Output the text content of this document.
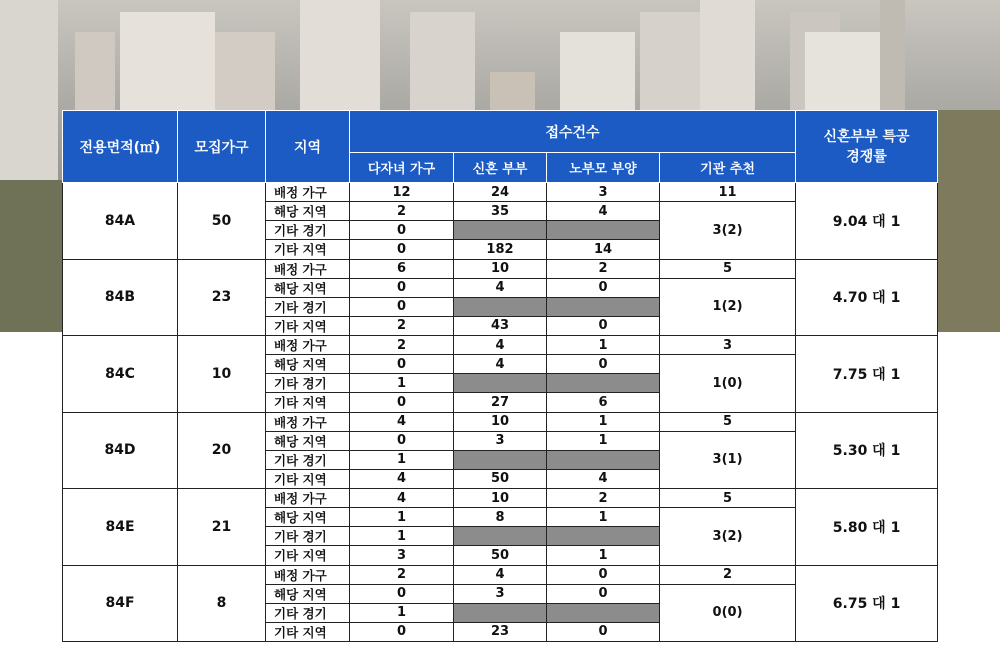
전용면적(㎡)	모집가구	지역	접수건수				신혼부부 특공
경쟁률
			다자녀 가구	신혼 부부	노부모 부양	기관 추천	
84A	50	배정 가구	12	24	3	11	9.04 대 1
		해당 지역	2	35	4	3(2)	
		기타 경기	0				
		기타 지역	0	182	14		
84B	23	배정 가구	6	10	2	5	4.70 대 1
		해당 지역	0	4	0	1(2)	
		기타 경기	0				
		기타 지역	2	43	0		
84C	10	배정 가구	2	4	1	3	7.75 대 1
		해당 지역	0	4	0	1(0)	
		기타 경기	1				
		기타 지역	0	27	6		
84D	20	배정 가구	4	10	1	5	5.30 대 1
		해당 지역	0	3	1	3(1)	
		기타 경기	1				
		기타 지역	4	50	4		
84E	21	배정 가구	4	10	2	5	5.80 대 1
		해당 지역	1	8	1	3(2)	
		기타 경기	1				
		기타 지역	3	50	1		
84F	8	배정 가구	2	4	0	2	6.75 대 1
		해당 지역	0	3	0	0(0)	
		기타 경기	1				
		기타 지역	0	23	0		
